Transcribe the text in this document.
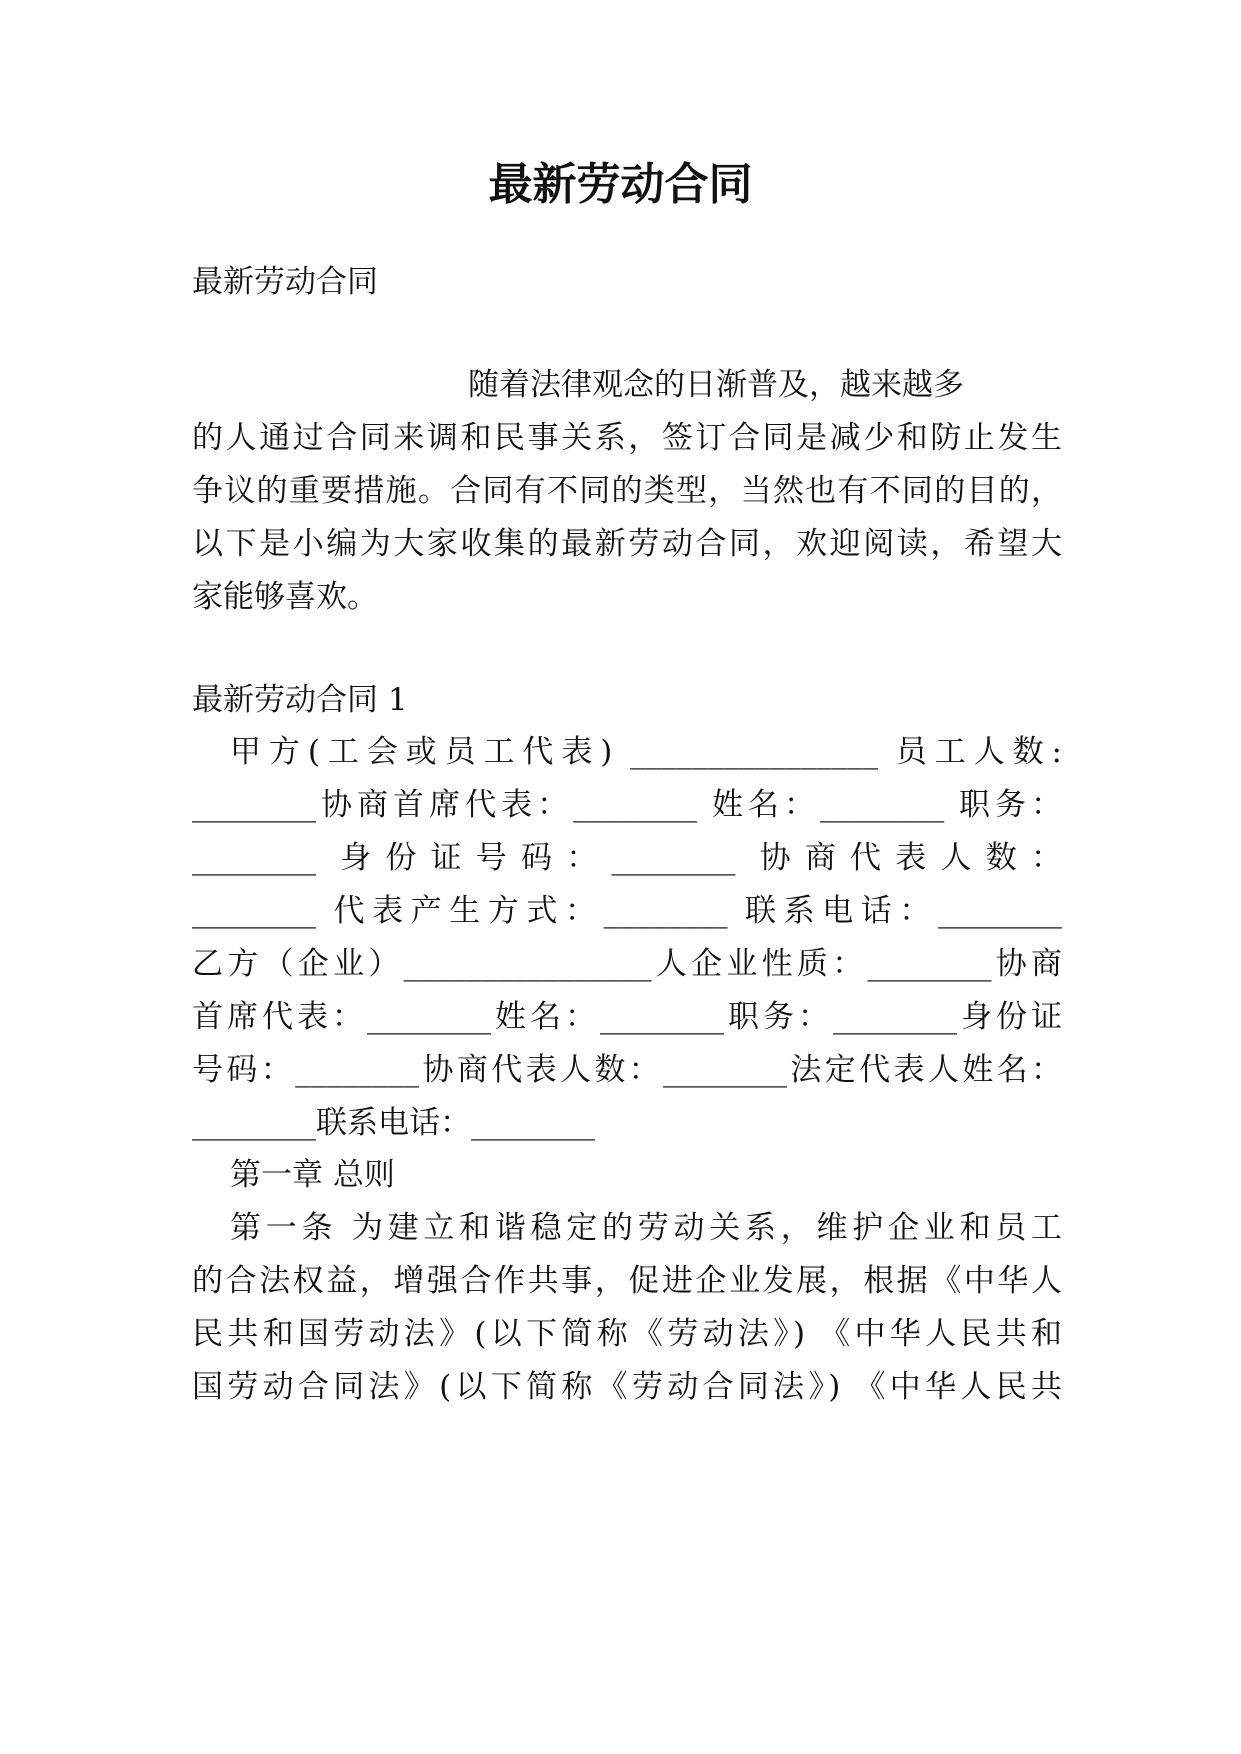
最新劳动合同
最新劳动合同
随着法律观念的日渐普及，越来越多
的人通过合同来调和民事关系，签订合同是减少和防止发生
争议的重要措施。合同有不同的类型，当然也有不同的目的，
以下是小编为大家收集的最新劳动合同，欢迎阅读，希望大
家能够喜欢。
最新劳动合同 1
甲方(工会或员工代表) ________________ 员工人数:
________协商首席代表：________ 姓名：________ 职务：
________ 身份证号码：________ 协商代表人数：
________ 代表产生方式：________ 联系电话：________
乙方（企业）________________人企业性质：________协商
首席代表：________姓名：________职务：________身份证
号码：________协商代表人数：________法定代表人姓名：
________联系电话：________
第一章 总则
第一条 为建立和谐稳定的劳动关系，维护企业和员工
的合法权益，增强合作共事，促进企业发展，根据《中华人
民共和国劳动法》(以下简称《劳动法》) 《中华人民共和
国劳动合同法》(以下简称《劳动合同法》) 《中华人民共
